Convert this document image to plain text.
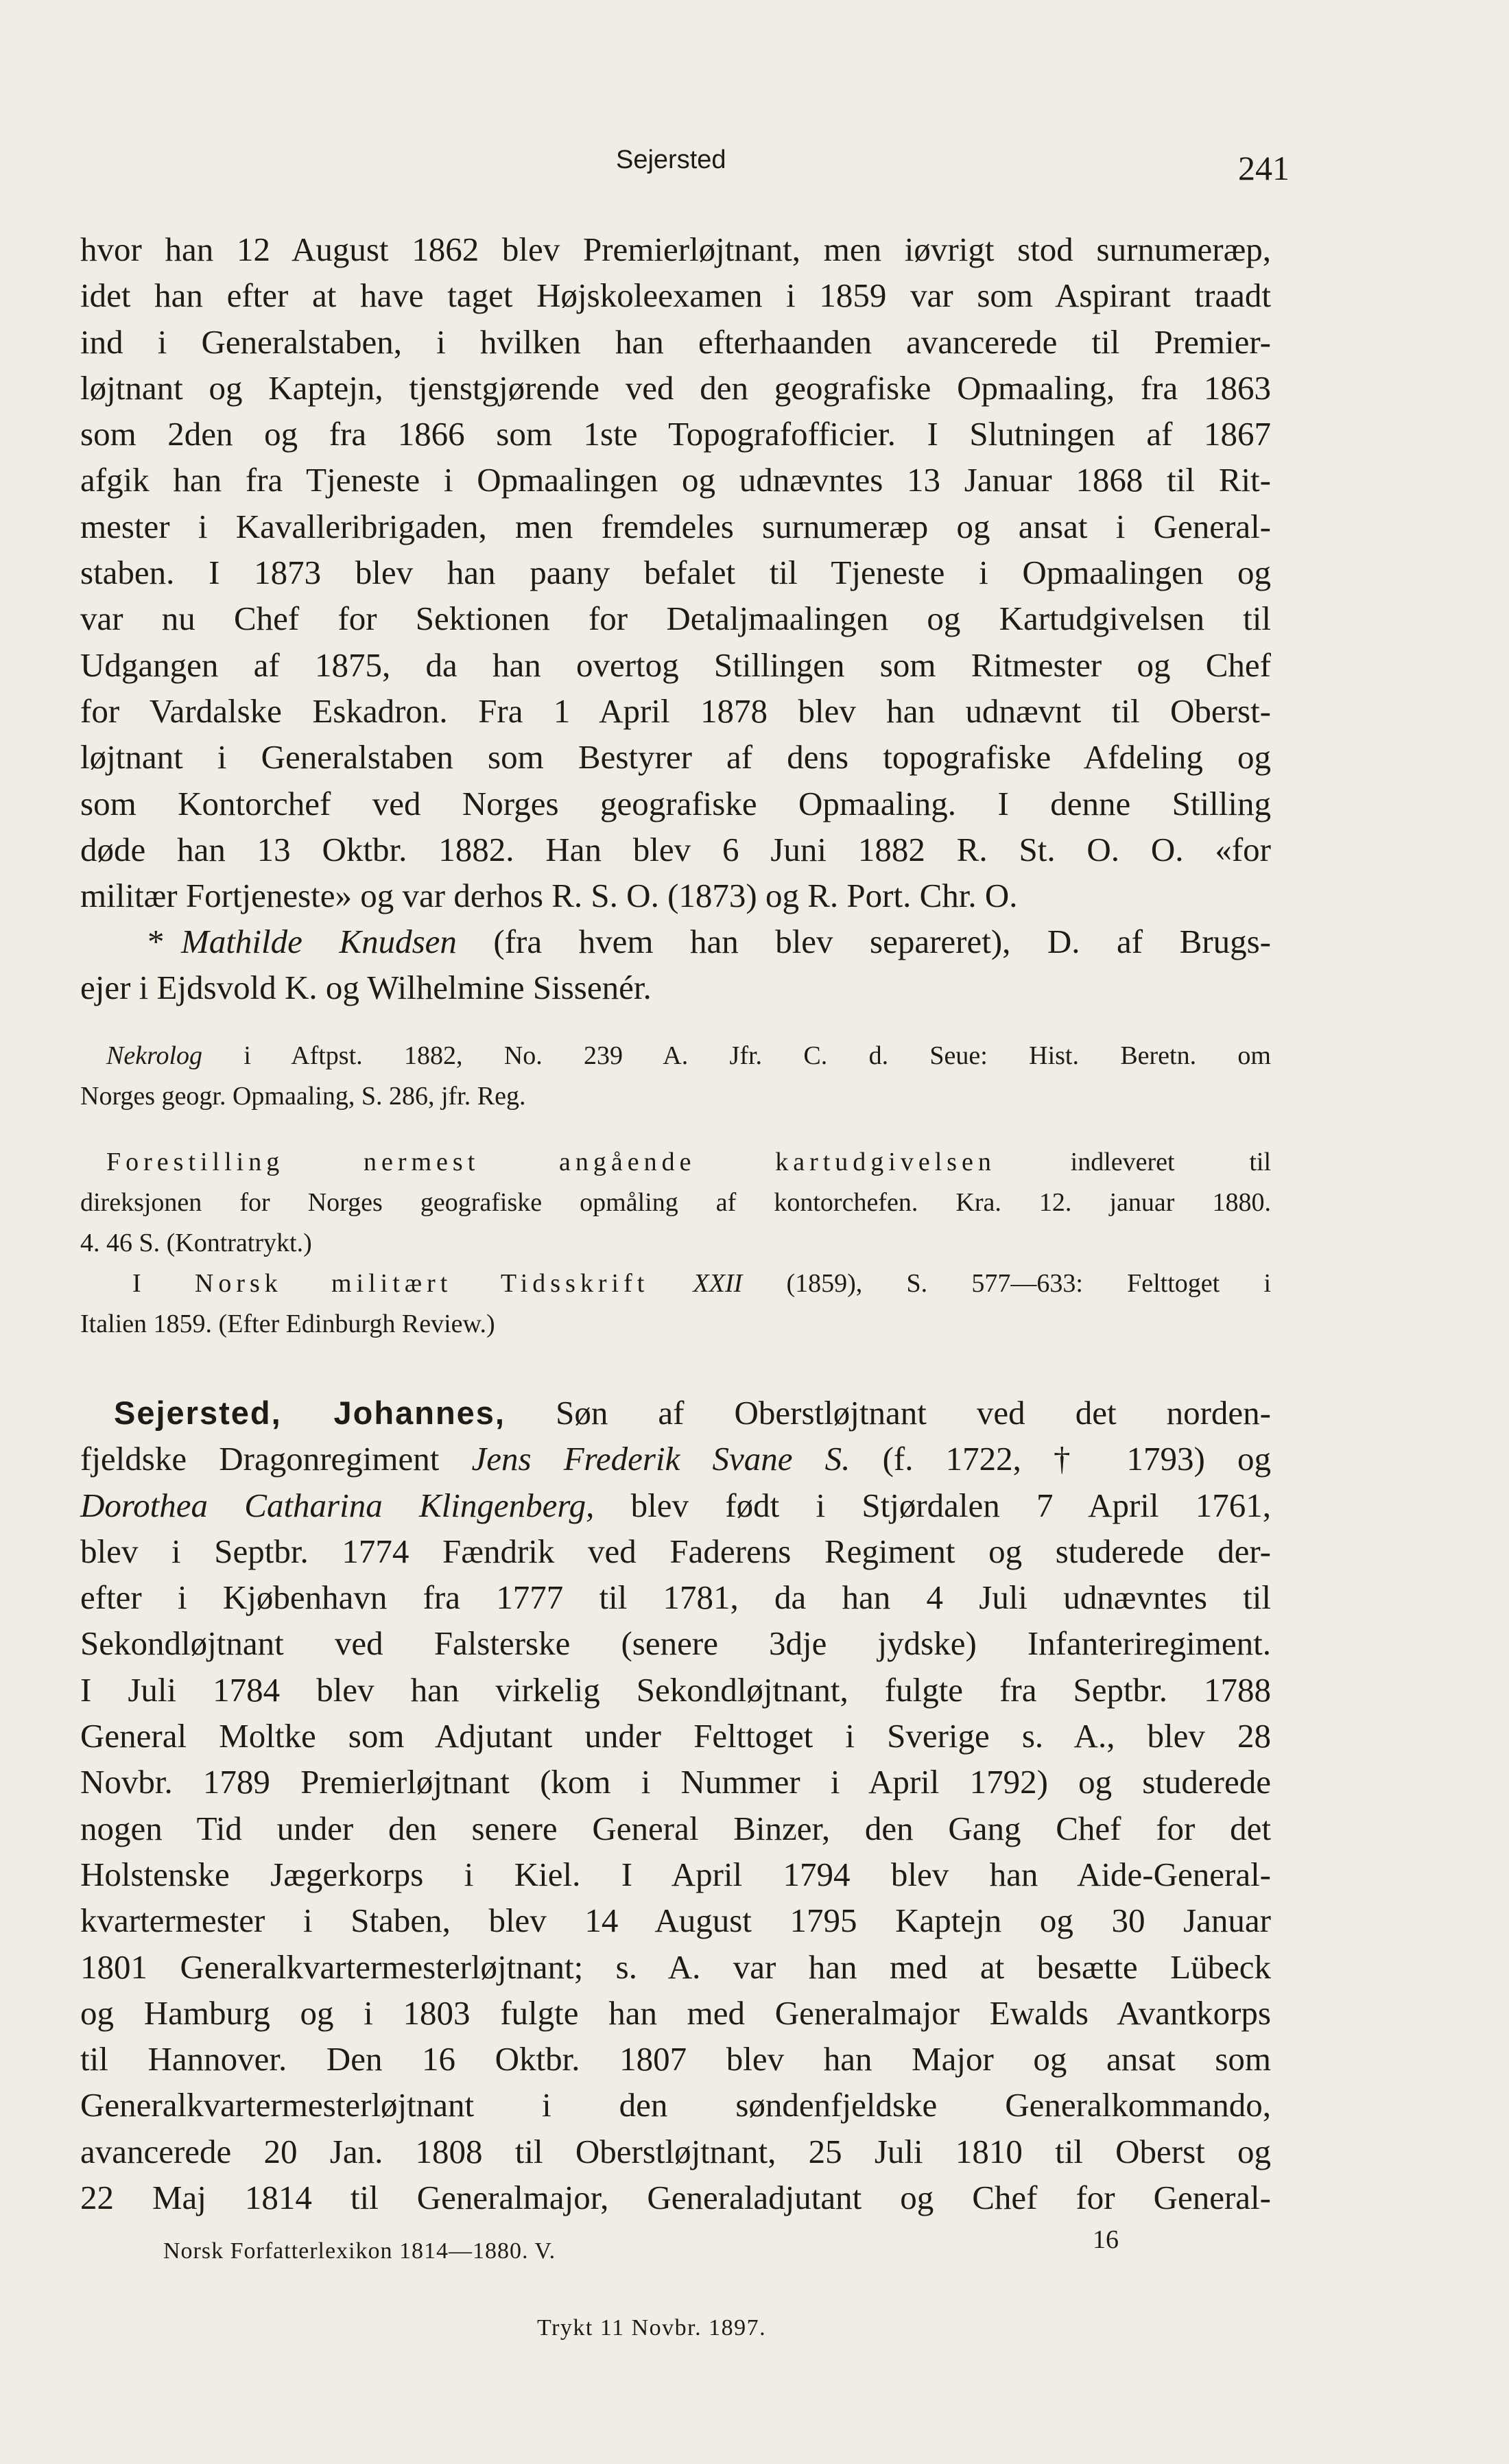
Sejersted	241
hvor han 12 August 1862 blev Premierløjtnant, men iøvrigt stod surnumeræр,
idet han efter at have taget Højskoleexamen i 1859 var som Aspirant traadt
ind i Generalstaben, i hvilken han efterhaanden avancerede til Premier-
løjtnant og Kaptejn, tjenstgjørende ved den geografiske Opmaaling, fra 1863
som 2den og fra 1866 som 1ste Topografofficier. I Slutningen af 1867
afgik han fra Tjeneste i Opmaalingen og udnævntes 13 Januar 1868 til Rit-
mester i Kavalleribrigaden, men fremdeles surnumeræр og ansat i General-
staben. I 1873 blev han paany befalet til Tjeneste i Opmaalingen og
var nu Chef for Sektionen for Detaljmaalingen og Kartudgivelsen til
Udgangen af 1875, da han overtog Stillingen som Ritmester og Chef
for Vardalske Eskadron. Fra 1 April 1878 blev han udnævnt til Oberst-
løjtnant i Generalstaben som Bestyrer af dens topografiske Afdeling og
som Kontorchef ved Norges geografiske Opmaaling. I denne Stilling
døde han 13 Oktbr. 1882. Han blev 6 Juni 1882 R. St. O. O. «for
militær Fortjeneste» og var derhos R. S. O. (1873) og R. Port. Chr. O.
  *  Mathilde Knudsen (fra hvem han blev separeret), D. af Brugs-
ejer i Ejdsvold K. og Wilhelmine Sissenér.
 Nekrolog i Aftpst. 1882, No. 239 A. Jfr. C. d. Seue: Hist. Beretn. om
Norges geogr. Opmaaling, S. 286, jfr. Reg.
 Forestilling nermest angående kartudgivelsen	indleveret til
direksjonen for Norges geografiske opmåling af kontorchefen. Kra. 12. januar 1880.
4. 46 S. (Kontratrykt.)
  I Norsk militært Tidsskrift XXII (1859), S. 577—633: Felttoget i
Italien 1859. (Efter Edinburgh Review.)
 Sejersted, Johannes, Søn af Oberstløjtnant ved det norden-
fjeldske Dragonregiment Jens Frederik Svane S. (f. 1722, † 1793) og
Dorothea Catharina Klingenberg, blev født i Stjørdalen 7 April 1761,
blev i Septbr. 1774 Fændrik ved Faderens Regiment og studerede der-
efter i Kjøbenhavn fra 1777 til 1781, da han 4 Juli udnævntes til
Sekondløjtnant ved Falsterske (senere 3dje jydske) Infanteriregiment.
I Juli 1784 blev han virkelig Sekondløjtnant, fulgte fra Septbr. 1788
General Moltke som Adjutant under Felttoget i Sverige s. A., blev 28
Novbr. 1789 Premierløjtnant (kom i Nummer i April 1792) og studerede
nogen Tid under den senere General Binzer, den Gang Chef for det
Holstenske Jægerkorps i Kiel. I April 1794 blev han Aide-General-
kvartermester i Staben, blev 14 August 1795 Kaptejn og 30 Januar
1801 Generalkvartermesterløjtnant; s. A. var han med at besætte Lübeck
og Hamburg og i 1803 fulgte han med Generalmajor Ewalds Avantkorps
til Hannover. Den 16 Oktbr. 1807 blev han Major og ansat som
Generalkvartermesterløjtnant i den søndenfjeldske Generalkommando,
avancerede 20 Jan. 1808 til Oberstløjtnant, 25 Juli 1810 til Oberst og
22 Maj 1814 til Generalmajor, Generaladjutant og Chef for General-
Norsk Forfatterlexikon 1814—1880. V.	16
Trykt 11 Novbr. 1897.
